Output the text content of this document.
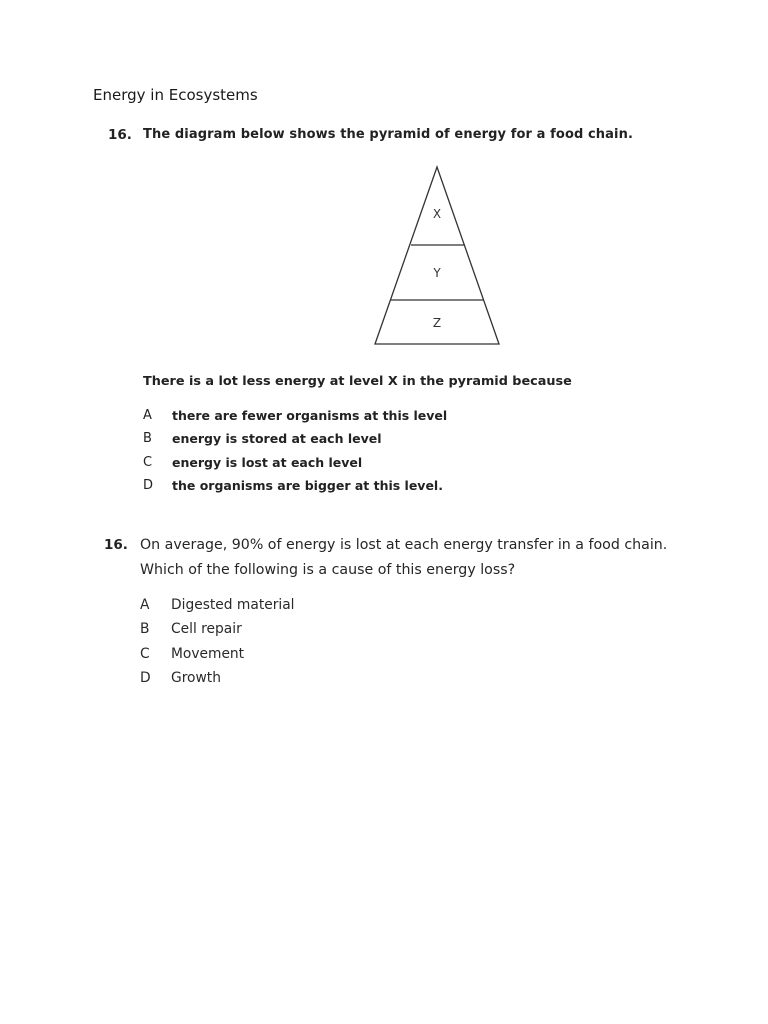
Energy in Ecosystems
16. The diagram below shows the pyramid of energy for a food chain.
X
Y
Z
There is a lot less energy at level X in the pyramid because
A there are fewer organisms at this level
B energy is stored at each level
C energy is lost at each level
D the organisms are bigger at this level.
16. On average, 90% of energy is lost at each energy transfer in a food chain.
Which of the following is a cause of this energy loss?
A Digested material
B Cell repair
C Movement
D Growth
